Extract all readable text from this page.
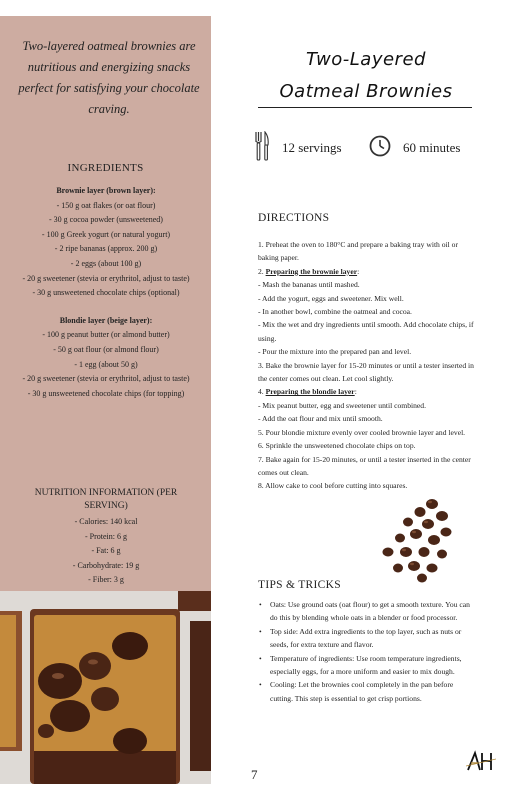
Two-layered oatmeal brownies are nutritious and energizing snacks perfect for satisfying your chocolate craving.
INGREDIENTS
Brownie layer (brown layer):
- 150 g oat flakes (or oat flour)
- 30 g cocoa powder (unsweetened)
- 100 g Greek yogurt (or natural yogurt)
- 2 ripe bananas (approx. 200 g)
- 2 eggs (about 100 g)
- 20 g sweetener (stevia or erythritol, adjust to taste)
- 30 g unsweetened chocolate chips (optional)
Blondie layer (beige layer):
- 100 g peanut butter (or almond butter)
- 50 g oat flour (or almond flour)
- 1 egg (about 50 g)
- 20 g sweetener (stevia or erythritol, adjust to taste)
- 30 g unsweetened chocolate chips (for topping)
NUTRITION INFORMATION (PER SERVING)
- Calories: 140 kcal
- Protein: 6 g
- Fat: 6 g
- Carbohydrate: 19 g
- Fiber: 3 g
Two-Layered
Oatmeal Brownies
12 servings	60 minutes
DIRECTIONS
1. Preheat the oven to 180°C and prepare a baking tray with oil or baking paper.
2. Preparing the brownie layer:
- Mash the bananas until mashed.
- Add the yogurt, eggs and sweetener. Mix well.
- In another bowl, combine the oatmeal and cocoa.
- Mix the wet and dry ingredients until smooth. Add chocolate chips, if using.
- Pour the mixture into the prepared pan and level.
3. Bake the brownie layer for 15-20 minutes or until a tester inserted in the center comes out clean. Let cool slightly.
4. Preparing the blondie layer:
- Mix peanut butter, egg and sweetener until combined.
- Add the oat flour and mix until smooth.
5. Pour blondie mixture evenly over cooled brownie layer and level.
6. Sprinkle the unsweetened chocolate chips on top.
7. Bake again for 15-20 minutes, or until a tester inserted in the center comes out clean.
8. Allow cake to cool before cutting into squares.
TIPS & TRICKS
• Oats: Use ground oats (oat flour) to get a smooth texture. You can do this by blending whole oats in a blender or food processor.
• Top side: Add extra ingredients to the top layer, such as nuts or seeds, for extra texture and flavor.
• Temperature of ingredients: Use room temperature ingredients, especially eggs, for a more uniform and easier to mix dough.
• Cooling: Let the brownies cool completely in the pan before cutting. This step is essential to get crisp portions.
7
